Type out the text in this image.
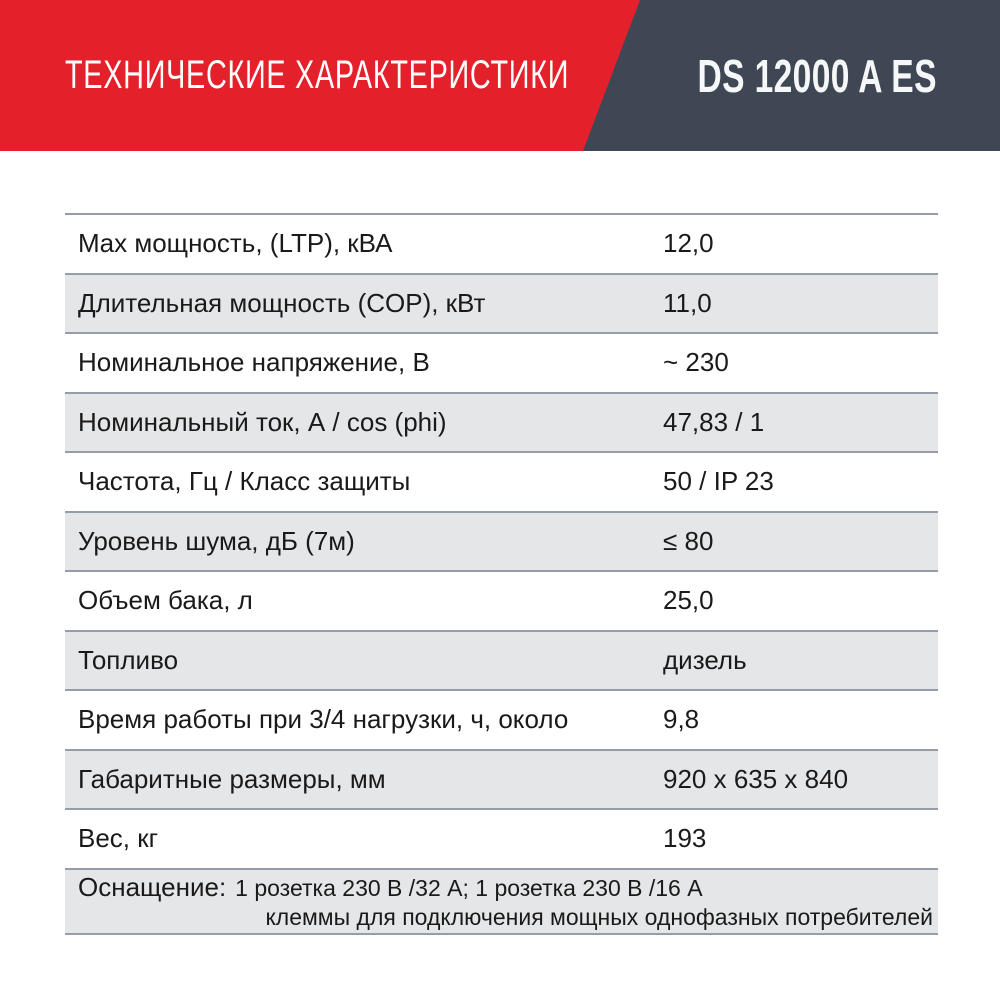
ТЕХНИЧЕСКИЕ ХАРАКТЕРИСТИКИ	DS 12000 A ES
Max мощность, (LTP), кВА	12,0
Длительная мощность (COP), кВт	11,0
Номинальное напряжение, В	~ 230
Номинальный ток, А / cos (phi)	47,83 / 1
Частота, Гц / Класс защиты	50 / IP 23
Уровень шума, дБ (7м)	≤ 80
Объем бака, л	25,0
Топливо	дизель
Время работы при 3/4 нагрузки, ч, около	9,8
Габаритные размеры, мм	920 х 635 х 840
Вес, кг	193
Оснащение: 1 розетка 230 В /32 А; 1 розетка 230 В /16 А
клеммы для подключения мощных однофазных потребителей
